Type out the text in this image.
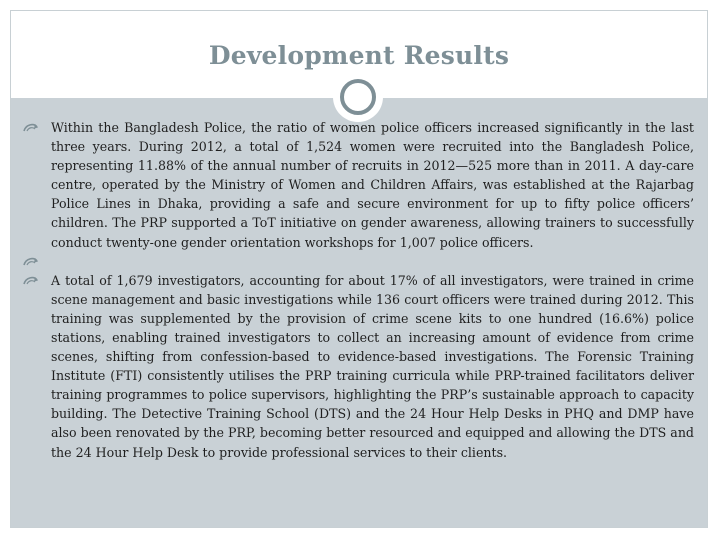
Development Results
Within the Bangladesh Police, the ratio of women police officers increased significantly in the last three years. During 2012, a total of 1,524 women were recruited into the Bangladesh Police, representing 11.88% of the annual number of recruits in 2012—525 more than in 2011. A day-care centre, operated by the Ministry of Women and Children Affairs, was established at the Rajarbag Police Lines in Dhaka, providing a safe and secure environment for up to fifty police officers’ children. The PRP supported a ToT initiative on gender awareness, allowing trainers to successfully conduct twenty-one gender orientation workshops for 1,007 police officers.
A total of 1,679 investigators, accounting for about 17% of all investigators, were trained in crime scene management and basic investigations while 136 court officers were trained during 2012. This training was supplemented by the provision of crime scene kits to one hundred (16.6%) police stations, enabling trained investigators to collect an increasing amount of evidence from crime scenes, shifting from confession-based to evidence-based investigations. The Forensic Training Institute (FTI) consistently utilises the PRP training curricula while PRP-trained facilitators deliver training programmes to police supervisors, highlighting the PRP’s sustainable approach to capacity building. The Detective Training School (DTS) and the 24 Hour Help Desks in PHQ and DMP have also been renovated by the PRP, becoming better resourced and equipped and allowing the DTS and the 24 Hour Help Desk to provide professional services to their clients.
